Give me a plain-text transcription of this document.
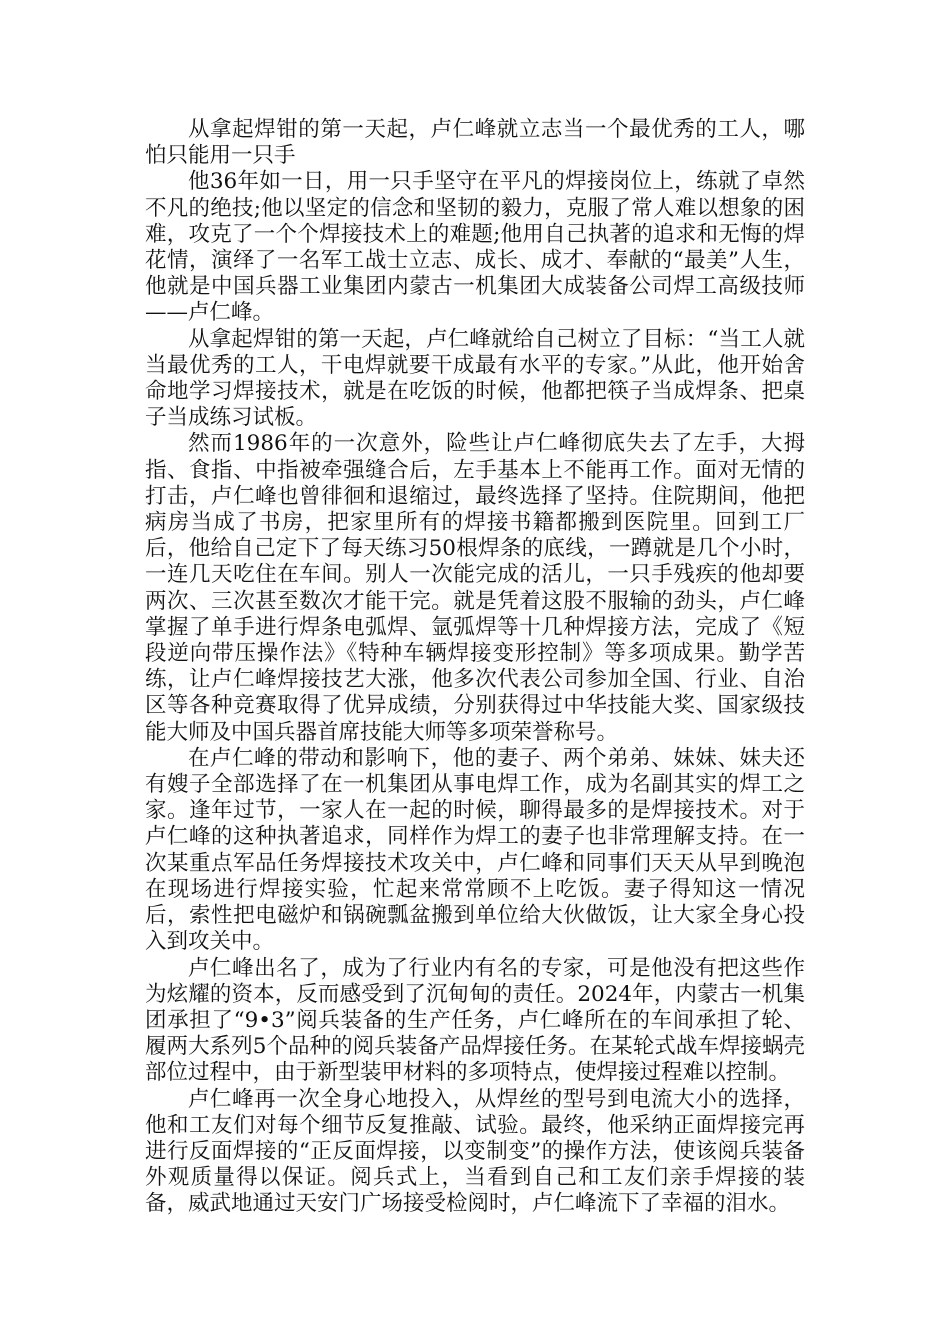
从拿起焊钳的第一天起，卢仁峰就立志当一个最优秀的工人，哪怕只能用一只手

他36年如一日，用一只手坚守在平凡的焊接岗位上，练就了卓然不凡的绝技;他以坚定的信念和坚韧的毅力，克服了常人难以想象的困难，攻克了一个个焊接技术上的难题;他用自己执著的追求和无悔的焊花情，演绎了一名军工战士立志、成长、成才、奉献的“最美”人生，他就是中国兵器工业集团内蒙古一机集团大成装备公司焊工高级技师——卢仁峰。

从拿起焊钳的第一天起，卢仁峰就给自己树立了目标：“当工人就当最优秀的工人，干电焊就要干成最有水平的专家。”从此，他开始舍命地学习焊接技术，就是在吃饭的时候，他都把筷子当成焊条、把桌子当成练习试板。

然而1986年的一次意外，险些让卢仁峰彻底失去了左手，大拇指、食指、中指被牵强缝合后，左手基本上不能再工作。面对无情的打击，卢仁峰也曾徘徊和退缩过，最终选择了坚持。住院期间，他把病房当成了书房，把家里所有的焊接书籍都搬到医院里。回到工厂后，他给自己定下了每天练习50根焊条的底线，一蹲就是几个小时，一连几天吃住在车间。别人一次能完成的活儿，一只手残疾的他却要两次、三次甚至数次才能干完。就是凭着这股不服输的劲头，卢仁峰掌握了单手进行焊条电弧焊、氩弧焊等十几种焊接方法，完成了《短段逆向带压操作法》《特种车辆焊接变形控制》等多项成果。勤学苦练，让卢仁峰焊接技艺大涨，他多次代表公司参加全国、行业、自治区等各种竞赛取得了优异成绩，分别获得过中华技能大奖、国家级技能大师及中国兵器首席技能大师等多项荣誉称号。

在卢仁峰的带动和影响下，他的妻子、两个弟弟、妹妹、妹夫还有嫂子全部选择了在一机集团从事电焊工作，成为名副其实的焊工之家。逢年过节，一家人在一起的时候，聊得最多的是焊接技术。对于卢仁峰的这种执著追求，同样作为焊工的妻子也非常理解支持。在一次某重点军品任务焊接技术攻关中，卢仁峰和同事们天天从早到晚泡在现场进行焊接实验，忙起来常常顾不上吃饭。妻子得知这一情况后，索性把电磁炉和锅碗瓢盆搬到单位给大伙做饭，让大家全身心投入到攻关中。

卢仁峰出名了，成为了行业内有名的专家，可是他没有把这些作为炫耀的资本，反而感受到了沉甸甸的责任。2024年，内蒙古一机集团承担了“9•3”阅兵装备的生产任务，卢仁峰所在的车间承担了轮、履两大系列5个品种的阅兵装备产品焊接任务。在某轮式战车焊接蜗壳部位过程中，由于新型装甲材料的多项特点，使焊接过程难以控制。

卢仁峰再一次全身心地投入，从焊丝的型号到电流大小的选择，他和工友们对每个细节反复推敲、试验。最终，他采纳正面焊接完再进行反面焊接的“正反面焊接，以变制变”的操作方法，使该阅兵装备外观质量得以保证。阅兵式上，当看到自己和工友们亲手焊接的装备，威武地通过天安门广场接受检阅时，卢仁峰流下了幸福的泪水。
